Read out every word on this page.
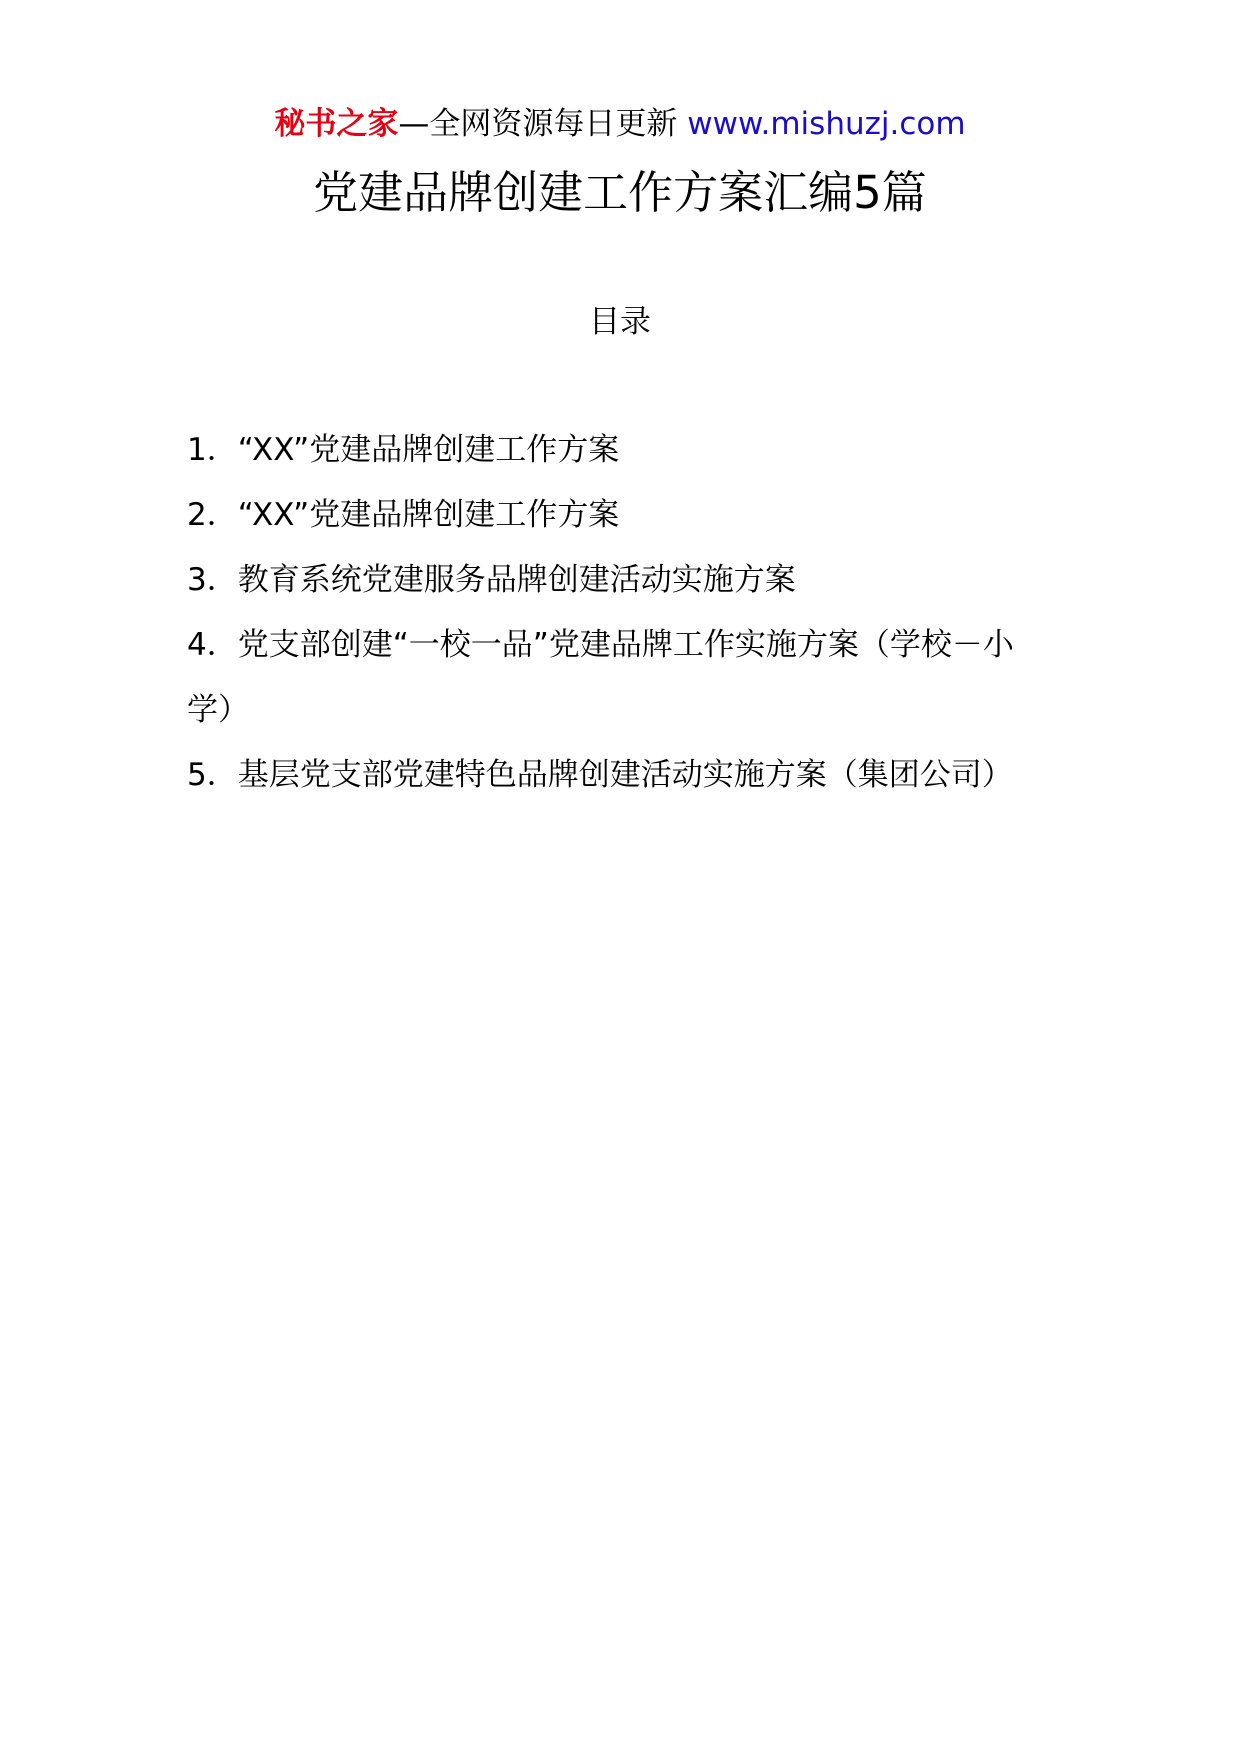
秘书之家—全网资源每日更新 www.mishuzj.com
党建品牌创建工作方案汇编5篇
目录
1．“XX”党建品牌创建工作方案
2．“XX”党建品牌创建工作方案
3．教育系统党建服务品牌创建活动实施方案
4．党支部创建“一校一品”党建品牌工作实施方案（学校－小学）
5．基层党支部党建特色品牌创建活动实施方案（集团公司）
